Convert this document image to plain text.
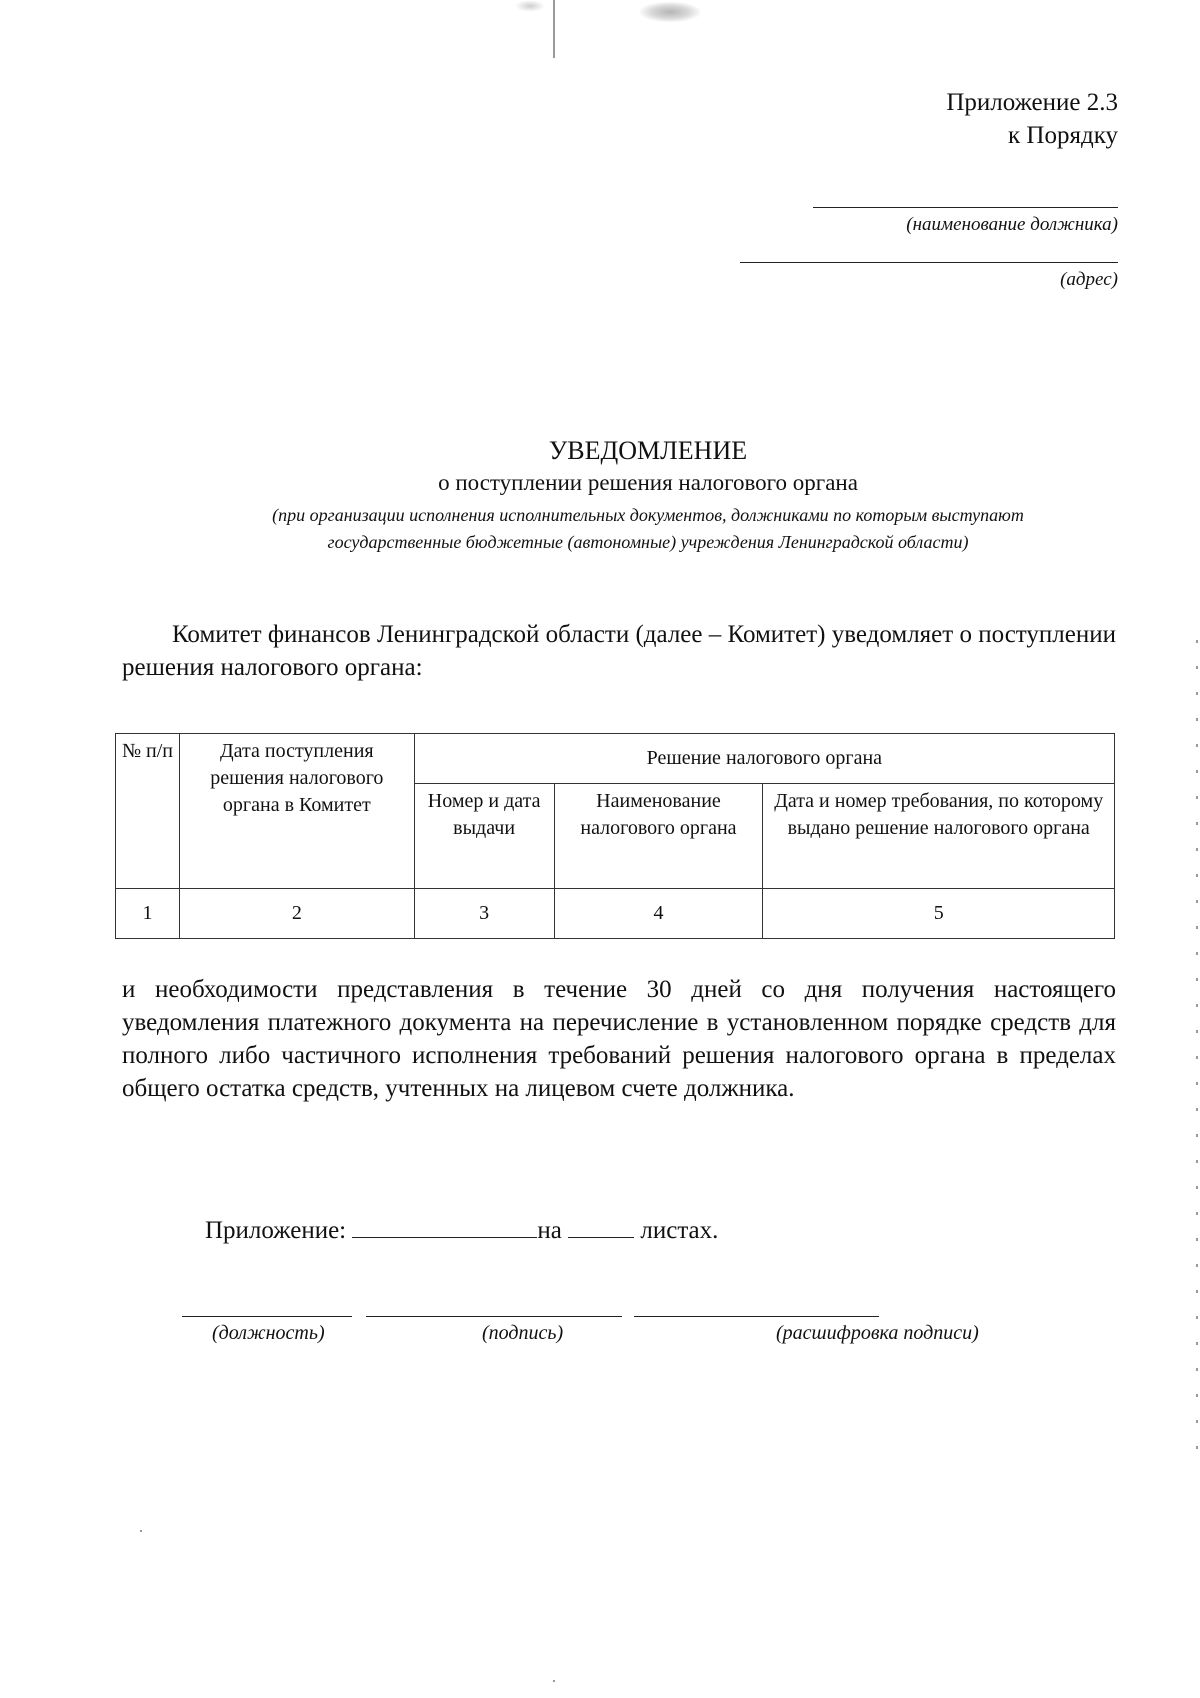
Приложение 2.3
к Порядку
(наименование должника)
(адрес)
УВЕДОМЛЕНИЕ
о поступлении решения налогового органа
(при организации исполнения исполнительных документов, должниками по которым выступают
государственные бюджетные (автономные) учреждения Ленинградской области)
Комитет финансов Ленинградской области (далее – Комитет) уведомляет о поступлении решения налогового органа:
№ п/п	Дата поступления решения налогового органа в Комитет	Решение налогового органа		
		Номер и дата выдачи	Наименование налогового органа	Дата и номер требования, по которому выдано решение налогового органа
1	2	3	4	5
и необходимости представления в течение 30 дней со дня получения настоящего уведомления платежного документа на перечисление в установленном порядке средств для полного либо частичного исполнения требований решения налогового органа в пределах общего остатка средств, учтенных на лицевом счете должника.
Приложение:	на	листах.
(должность)	(подпись)	(расшифровка подписи)
